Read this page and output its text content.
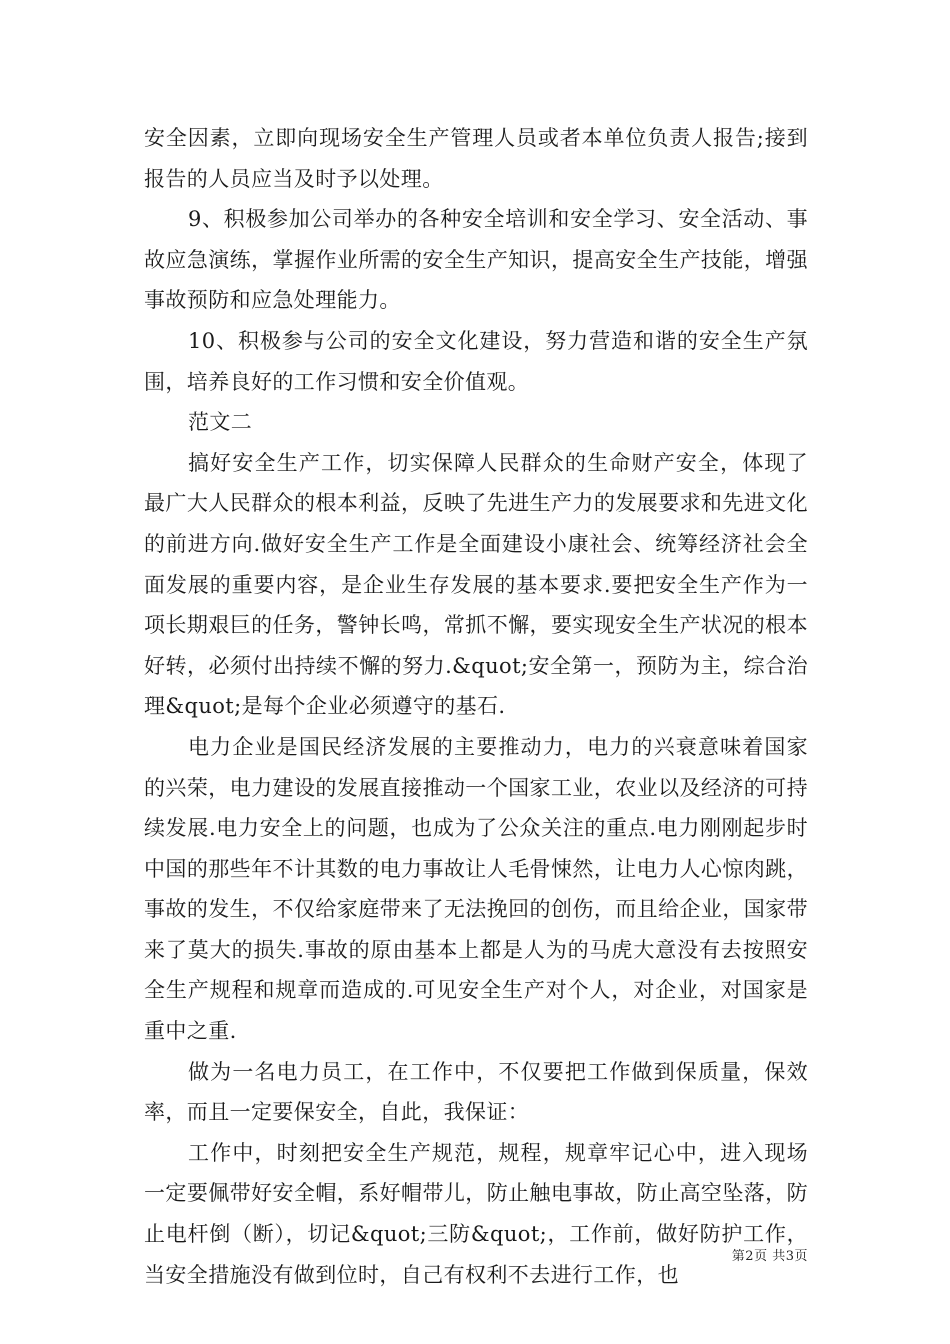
安全因素，立即向现场安全生产管理人员或者本单位负责人报告;接到报告的人员应当及时予以处理。

9、积极参加公司举办的各种安全培训和安全学习、安全活动、事故应急演练，掌握作业所需的安全生产知识，提高安全生产技能，增强事故预防和应急处理能力。

10、积极参与公司的安全文化建设，努力营造和谐的安全生产氛围，培养良好的工作习惯和安全价值观。

范文二

搞好安全生产工作，切实保障人民群众的生命财产安全，体现了最广大人民群众的根本利益，反映了先进生产力的发展要求和先进文化的前进方向.做好安全生产工作是全面建设小康社会、统筹经济社会全面发展的重要内容，是企业生存发展的基本要求.要把安全生产作为一项长期艰巨的任务，警钟长鸣，常抓不懈，要实现安全生产状况的根本好转，必须付出持续不懈的努力.&quot;安全第一，预防为主，综合治理&quot;是每个企业必须遵守的基石.

电力企业是国民经济发展的主要推动力，电力的兴衰意味着国家的兴荣，电力建设的发展直接推动一个国家工业，农业以及经济的可持续发展.电力安全上的问题，也成为了公众关注的重点.电力刚刚起步时中国的那些年不计其数的电力事故让人毛骨悚然，让电力人心惊肉跳，事故的发生，不仅给家庭带来了无法挽回的创伤，而且给企业，国家带来了莫大的损失.事故的原由基本上都是人为的马虎大意没有去按照安全生产规程和规章而造成的.可见安全生产对个人，对企业，对国家是重中之重.

做为一名电力员工，在工作中，不仅要把工作做到保质量，保效率，而且一定要保安全，自此，我保证：

工作中，时刻把安全生产规范，规程，规章牢记心中，进入现场一定要佩带好安全帽，系好帽带儿，防止触电事故，防止高空坠落，防止电杆倒（断），切记&quot;三防&quot;，工作前，做好防护工作，当安全措施没有做到位时，自己有权利不去进行工作，也

第2页 共3页
